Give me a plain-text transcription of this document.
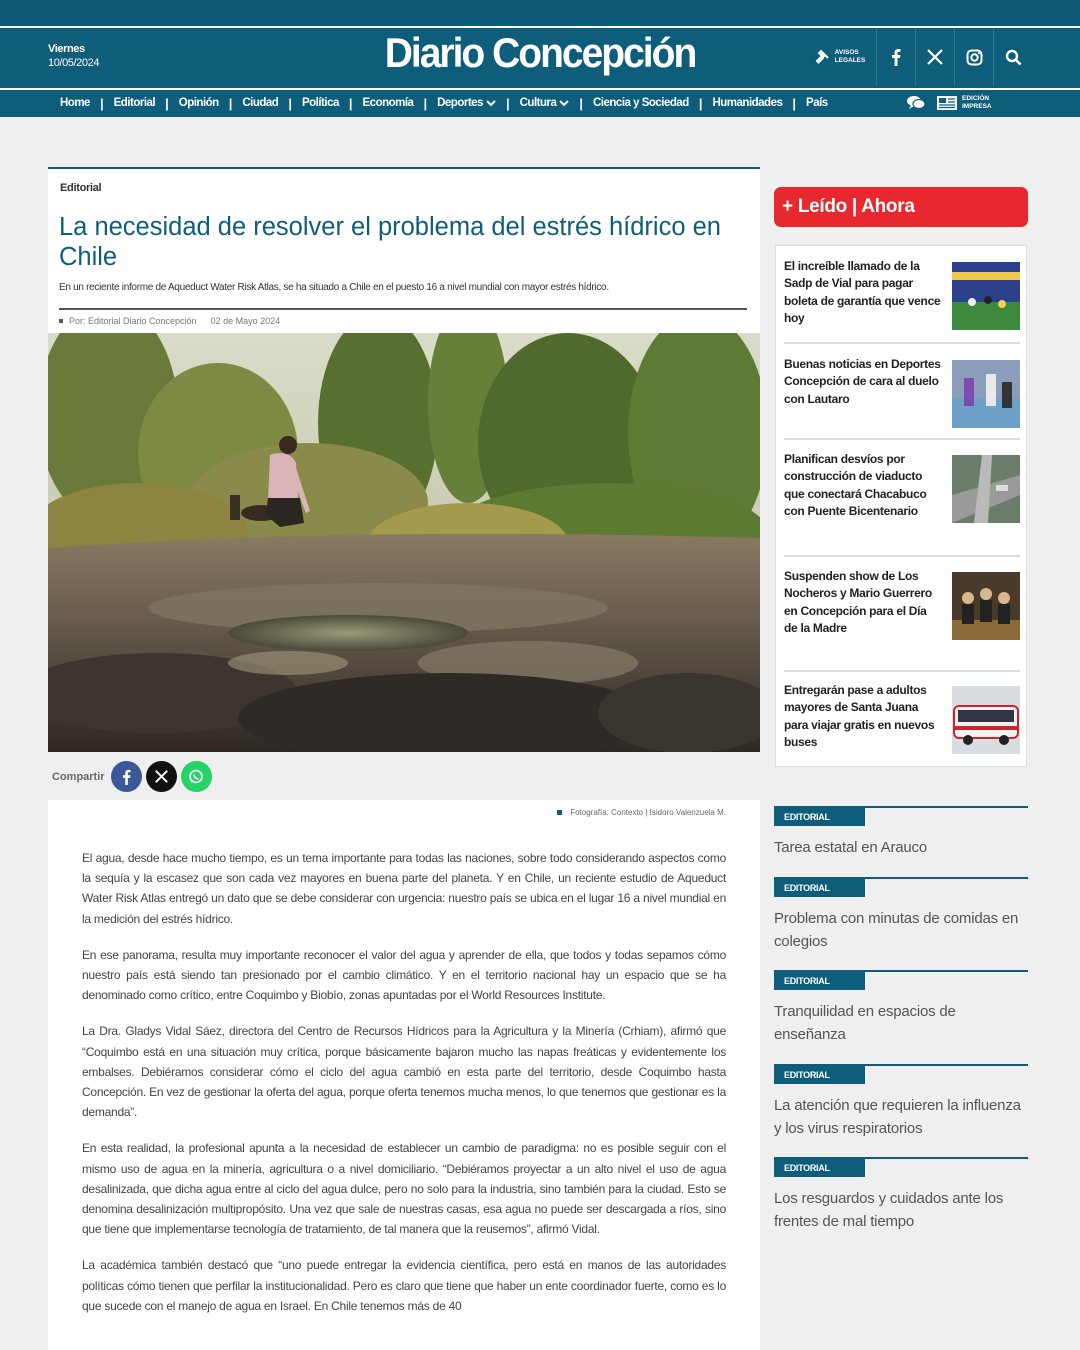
Viernes
10/05/2024	Diario Concepción	AVISOS
LEGALES
Home | Editorial | Opinión | Ciudad | Política | Economía | Deportes | Cultura | Ciencia y Sociedad | Humanidades | País	EDICIÓN
IMPRESA
Editorial
La necesidad de resolver el problema del estrés hídrico en Chile
En un reciente informe de Aqueduct Water Risk Atlas, se ha situado a Chile en el puesto 16 a nivel mundial con mayor estrés hídrico.
Por: Editorial Diario Concepción 02 de Mayo 2024
Compartir
Fotografía: Contexto | Isidoro Valenzuela M.

El agua, desde hace mucho tiempo, es un tema importante para todas las naciones, sobre todo considerando aspectos como la sequía y la escasez que son cada vez mayores en buena parte del planeta. Y en Chile, un reciente estudio de Aqueduct Water Risk Atlas entregó un dato que se debe considerar con urgencia: nuestro país se ubica en el lugar 16 a nivel mundial en la medición del estrés hídrico.

En ese panorama, resulta muy importante reconocer el valor del agua y aprender de ella, que todos y todas sepamos cómo nuestro país está siendo tan presionado por el cambio climático. Y en el territorio nacional hay un espacio que se ha denominado como crítico, entre Coquimbo y Biobío, zonas apuntadas por el World Resources Institute.

La Dra. Gladys Vidal Sáez, directora del Centro de Recursos Hídricos para la Agricultura y la Minería (Crhiam), afirmó que “Coquimbo está en una situación muy crítica, porque básicamente bajaron mucho las napas freáticas y evidentemente los embalses. Debiéramos considerar cómo el ciclo del agua cambió en esta parte del territorio, desde Coquimbo hasta Concepción. En vez de gestionar la oferta del agua, porque oferta tenemos mucha menos, lo que tenemos que gestionar es la demanda”.

En esta realidad, la profesional apunta a la necesidad de establecer un cambio de paradigma: no es posible seguir con el mismo uso de agua en la minería, agricultura o a nivel domiciliario. “Debiéramos proyectar a un alto nivel el uso de agua desalinizada, que dicha agua entre al ciclo del agua dulce, pero no solo para la industria, sino también para la ciudad. Esto se denomina desalinización multipropósito. Una vez que sale de nuestras casas, esa agua no puede ser descargada a ríos, sino que tiene que implementarse tecnología de tratamiento, de tal manera que la reusemos”, afirmó Vidal.

La académica también destacó que “uno puede entregar la evidencia científica, pero está en manos de las autoridades políticas cómo tienen que perfilar la institucionalidad. Pero es claro que tiene que haber un ente coordinador fuerte, como es lo que sucede con el manejo de agua en Israel. En Chile tenemos más de 40

+ Leído | Ahora
El increíble llamado de la Sadp de Vial para pagar boleta de garantía que vence hoy
Buenas noticias en Deportes Concepción de cara al duelo con Lautaro
Planifican desvíos por construcción de viaducto que conectará Chacabuco con Puente Bicentenario
Suspenden show de Los Nocheros y Mario Guerrero en Concepción para el Día de la Madre
Entregarán pase a adultos mayores de Santa Juana para viajar gratis en nuevos buses
EDITORIAL
Tarea estatal en Arauco
EDITORIAL
Problema con minutas de comidas en colegios
EDITORIAL
Tranquilidad en espacios de enseñanza
EDITORIAL
La atención que requieren la influenza y los virus respiratorios
EDITORIAL
Los resguardos y cuidados ante los frentes de mal tiempo
